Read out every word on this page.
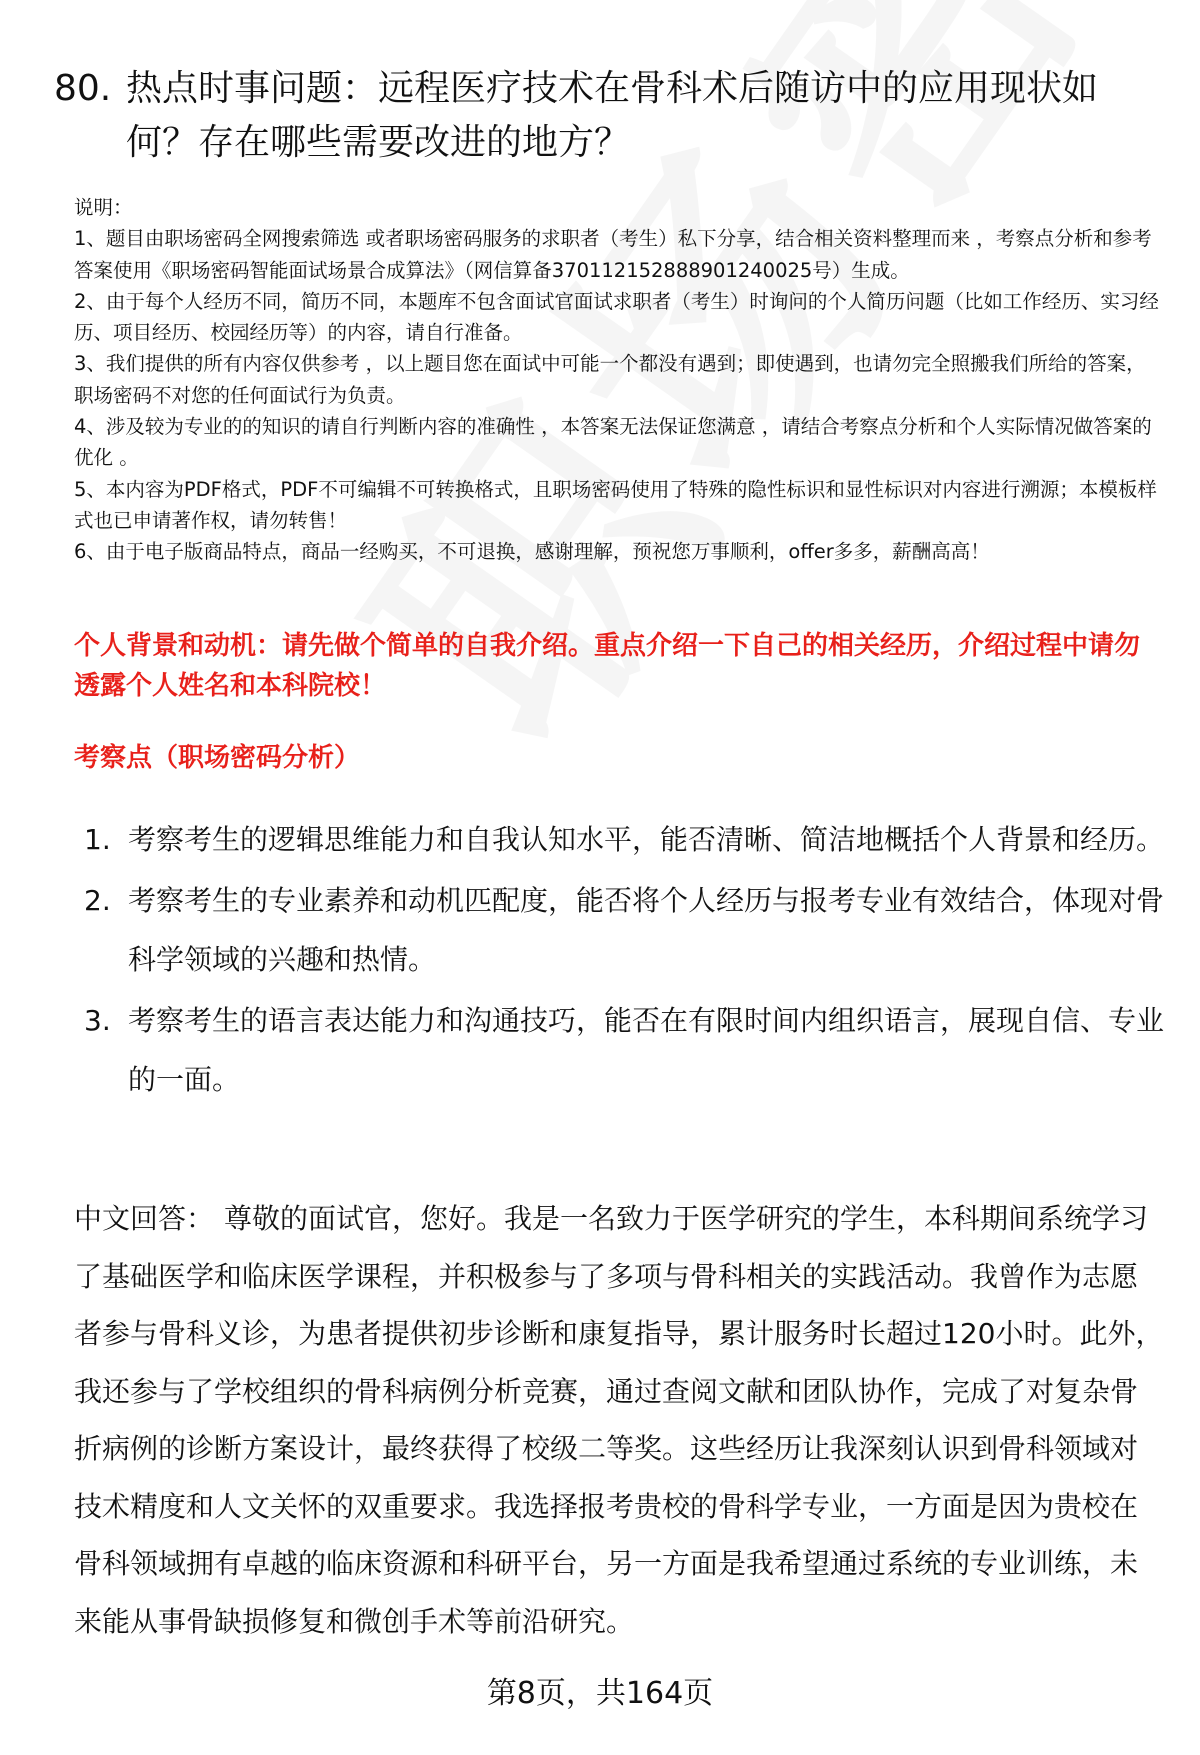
80. 热点时事问题：远程医疗技术在骨科术后随访中的应用现状如何？存在哪些需要改进的地方？
说明：
1、题目由职场密码全网搜索筛选 或者职场密码服务的求职者（考生）私下分享，结合相关资料整理而来 ，考察点分析和参考答案使用《职场密码智能面试场景合成算法》（网信算备370112152888901240025号）生成。
2、由于每个人经历不同，简历不同，本题库不包含面试官面试求职者（考生）时询问的个人简历问题（比如工作经历、实习经历、项目经历、校园经历等）的内容，请自行准备。
3、我们提供的所有内容仅供参考 ，以上题目您在面试中可能一个都没有遇到；即使遇到，也请勿完全照搬我们所给的答案，职场密码不对您的任何面试行为负责。
4、涉及较为专业的的知识的请自行判断内容的准确性 ，本答案无法保证您满意 ，请结合考察点分析和个人实际情况做答案的优化 。
5、本内容为PDF格式，PDF不可编辑不可转换格式，且职场密码使用了特殊的隐性标识和显性标识对内容进行溯源；本模板样式也已申请著作权，请勿转售！
6、由于电子版商品特点，商品一经购买，不可退换，感谢理解，预祝您万事顺利，offer多多，薪酬高高！
个人背景和动机：请先做个简单的自我介绍。重点介绍一下自己的相关经历，介绍过程中请勿透露个人姓名和本科院校！
考察点（职场密码分析）
1. 考察考生的逻辑思维能力和自我认知水平，能否清晰、简洁地概括个人背景和经历。
2. 考察考生的专业素养和动机匹配度，能否将个人经历与报考专业有效结合，体现对骨科学领域的兴趣和热情。
3. 考察考生的语言表达能力和沟通技巧，能否在有限时间内组织语言，展现自信、专业的一面。
中文回答： 尊敬的面试官，您好。我是一名致力于医学研究的学生，本科期间系统学习了基础医学和临床医学课程，并积极参与了多项与骨科相关的实践活动。我曾作为志愿者参与骨科义诊，为患者提供初步诊断和康复指导，累计服务时长超过120小时。此外，我还参与了学校组织的骨科病例分析竞赛，通过查阅文献和团队协作，完成了对复杂骨折病例的诊断方案设计，最终获得了校级二等奖。这些经历让我深刻认识到骨科领域对技术精度和人文关怀的双重要求。我选择报考贵校的骨科学专业，一方面是因为贵校在骨科领域拥有卓越的临床资源和科研平台，另一方面是我希望通过系统的专业训练，未来能从事骨缺损修复和微创手术等前沿研究。
第8页，共164页
